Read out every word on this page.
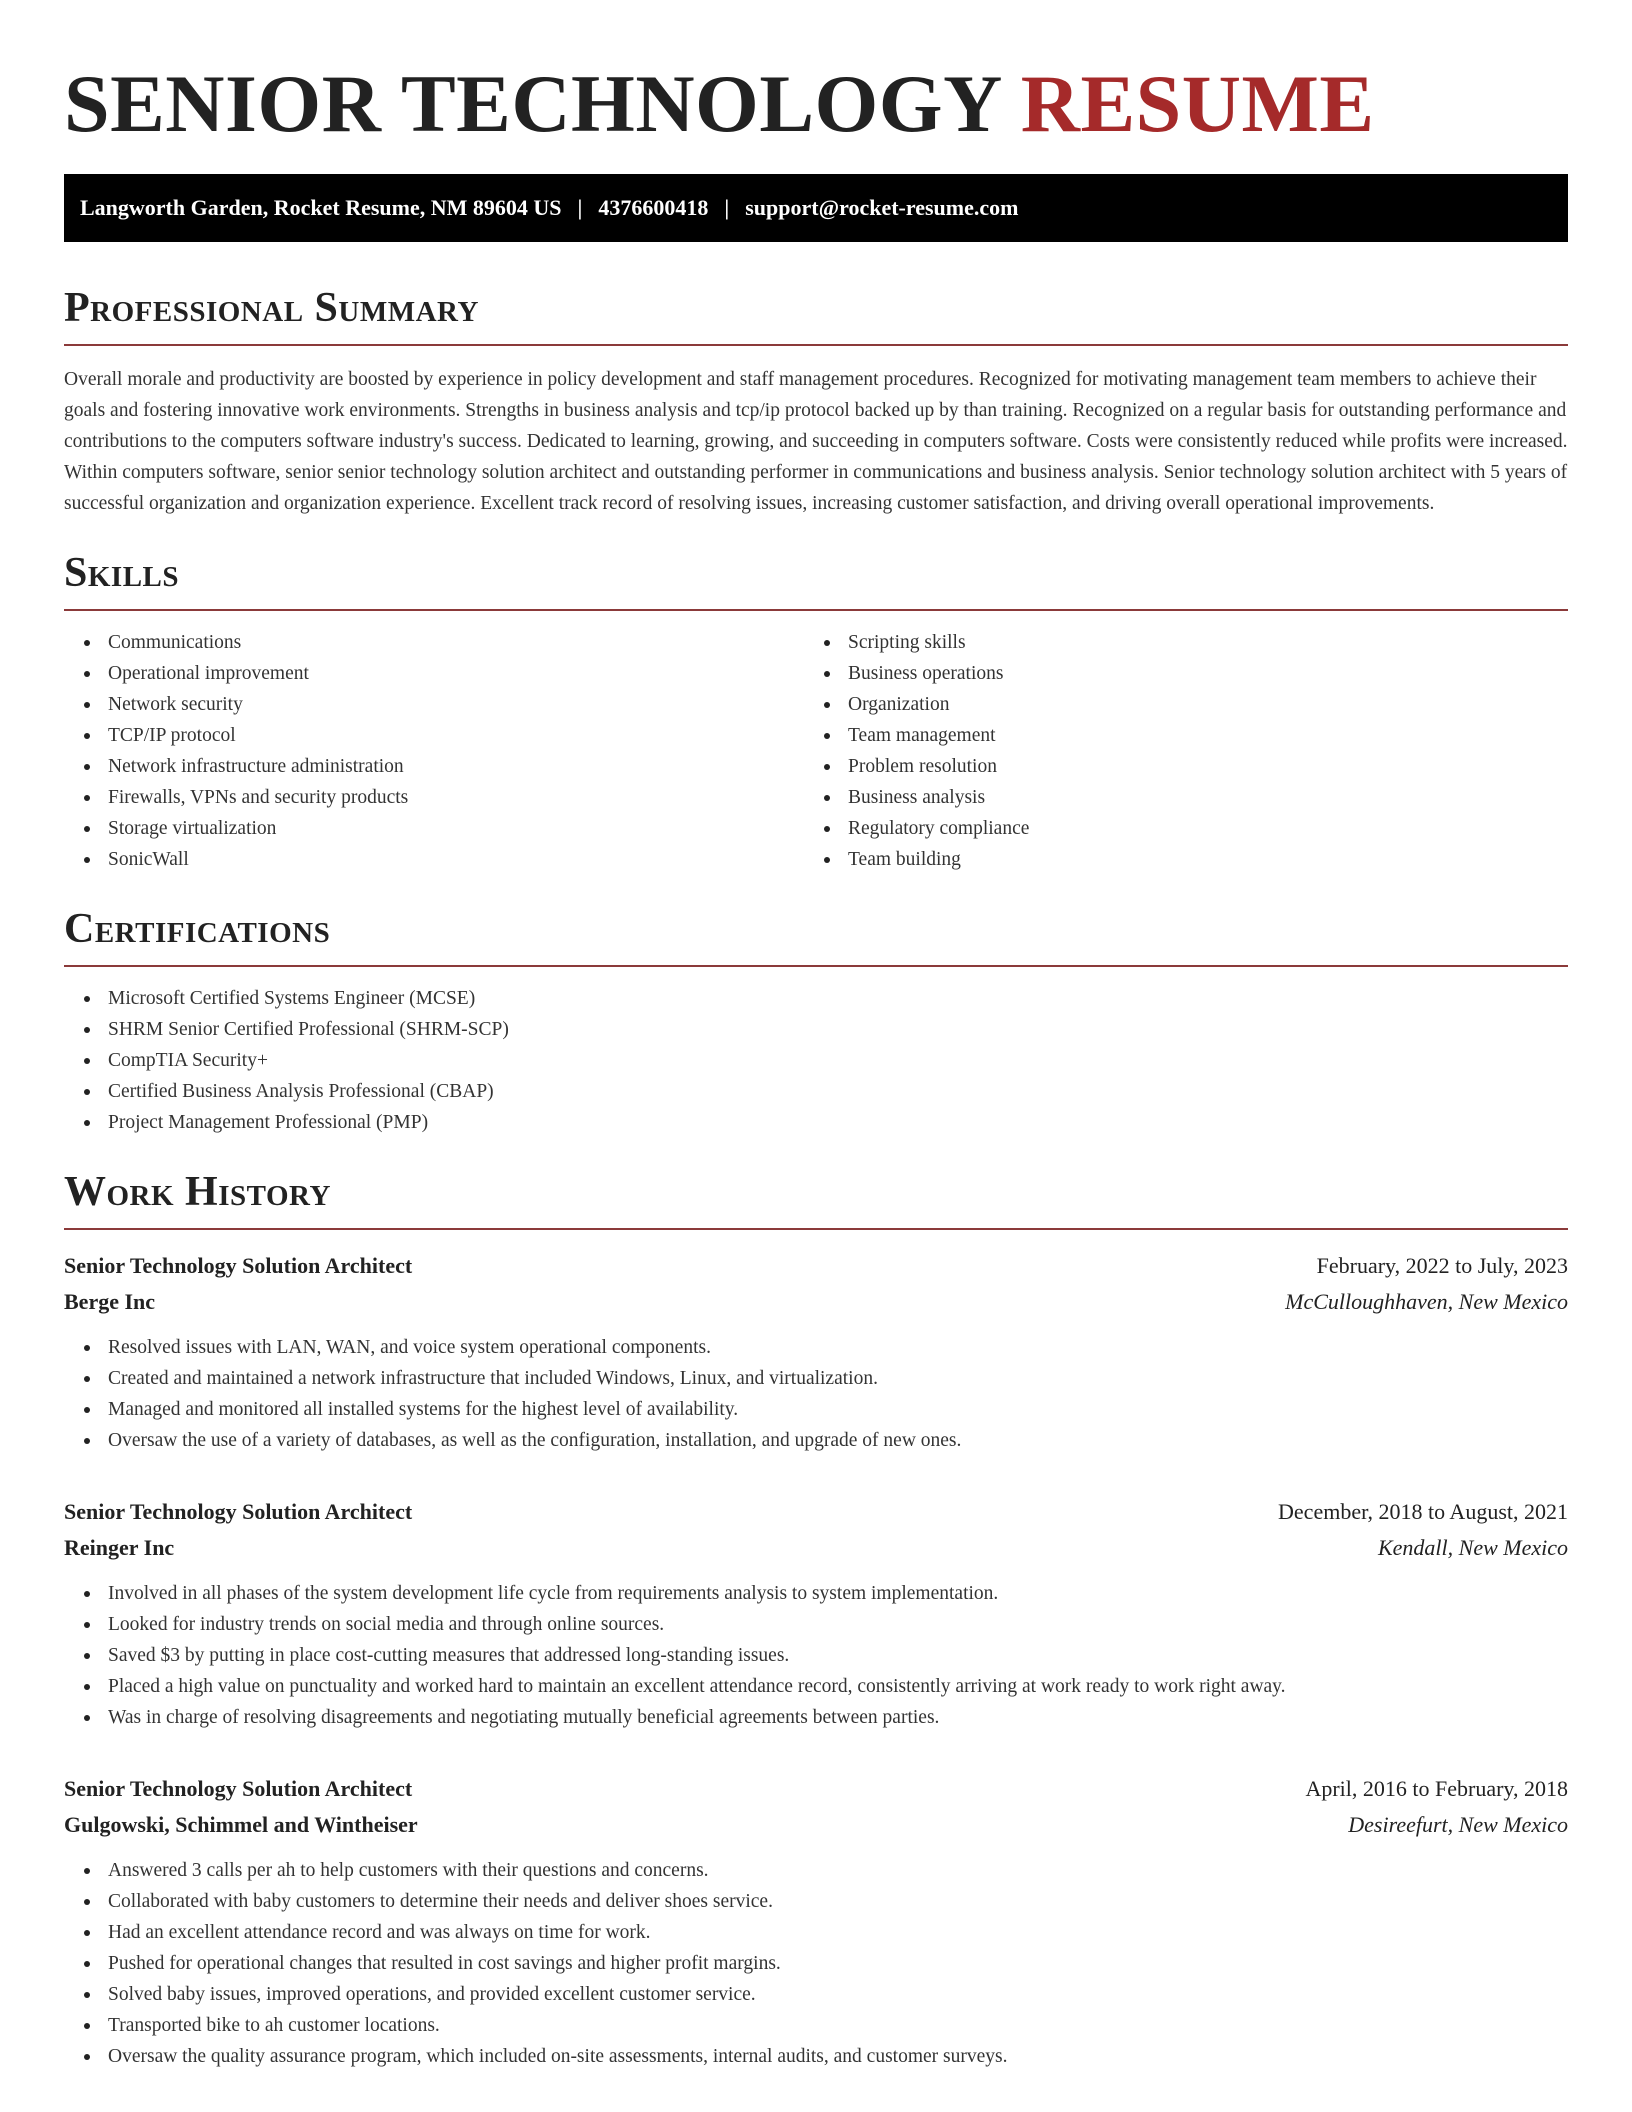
SENIOR TECHNOLOGY RESUME
Langworth Garden, Rocket Resume, NM 89604 US | 4376600418 | support@rocket-resume.com
Professional Summary

Overall morale and productivity are boosted by experience in policy development and staff management procedures. Recognized for motivating management team members to achieve their goals and fostering innovative work environments. Strengths in business analysis and tcp/ip protocol backed up by than training. Recognized on a regular basis for outstanding performance and contributions to the computers software industry's success. Dedicated to learning, growing, and succeeding in computers software. Costs were consistently reduced while profits were increased. Within computers software, senior senior technology solution architect and outstanding performer in communications and business analysis. Senior technology solution architect with 5 years of successful organization and organization experience. Excellent track record of resolving issues, increasing customer satisfaction, and driving overall operational improvements.

Skills
Communications
Operational improvement
Network security
TCP/IP protocol
Network infrastructure administration
Firewalls, VPNs and security products
Storage virtualization
SonicWall
Scripting skills
Business operations
Organization
Team management
Problem resolution
Business analysis
Regulatory compliance
Team building
Certifications
Microsoft Certified Systems Engineer (MCSE)
SHRM Senior Certified Professional (SHRM-SCP)
CompTIA Security+
Certified Business Analysis Professional (CBAP)
Project Management Professional (PMP)
Work History
Senior Technology Solution Architect	February, 2022 to July, 2023
Berge Inc	McCulloughhaven, New Mexico
Resolved issues with LAN, WAN, and voice system operational components.
Created and maintained a network infrastructure that included Windows, Linux, and virtualization.
Managed and monitored all installed systems for the highest level of availability.
Oversaw the use of a variety of databases, as well as the configuration, installation, and upgrade of new ones.
Senior Technology Solution Architect	December, 2018 to August, 2021
Reinger Inc	Kendall, New Mexico
Involved in all phases of the system development life cycle from requirements analysis to system implementation.
Looked for industry trends on social media and through online sources.
Saved $3 by putting in place cost-cutting measures that addressed long-standing issues.
Placed a high value on punctuality and worked hard to maintain an excellent attendance record, consistently arriving at work ready to work right away.
Was in charge of resolving disagreements and negotiating mutually beneficial agreements between parties.
Senior Technology Solution Architect	April, 2016 to February, 2018
Gulgowski, Schimmel and Wintheiser	Desireefurt, New Mexico
Answered 3 calls per ah to help customers with their questions and concerns.
Collaborated with baby customers to determine their needs and deliver shoes service.
Had an excellent attendance record and was always on time for work.
Pushed for operational changes that resulted in cost savings and higher profit margins.
Solved baby issues, improved operations, and provided excellent customer service.
Transported bike to ah customer locations.
Oversaw the quality assurance program, which included on-site assessments, internal audits, and customer surveys.
